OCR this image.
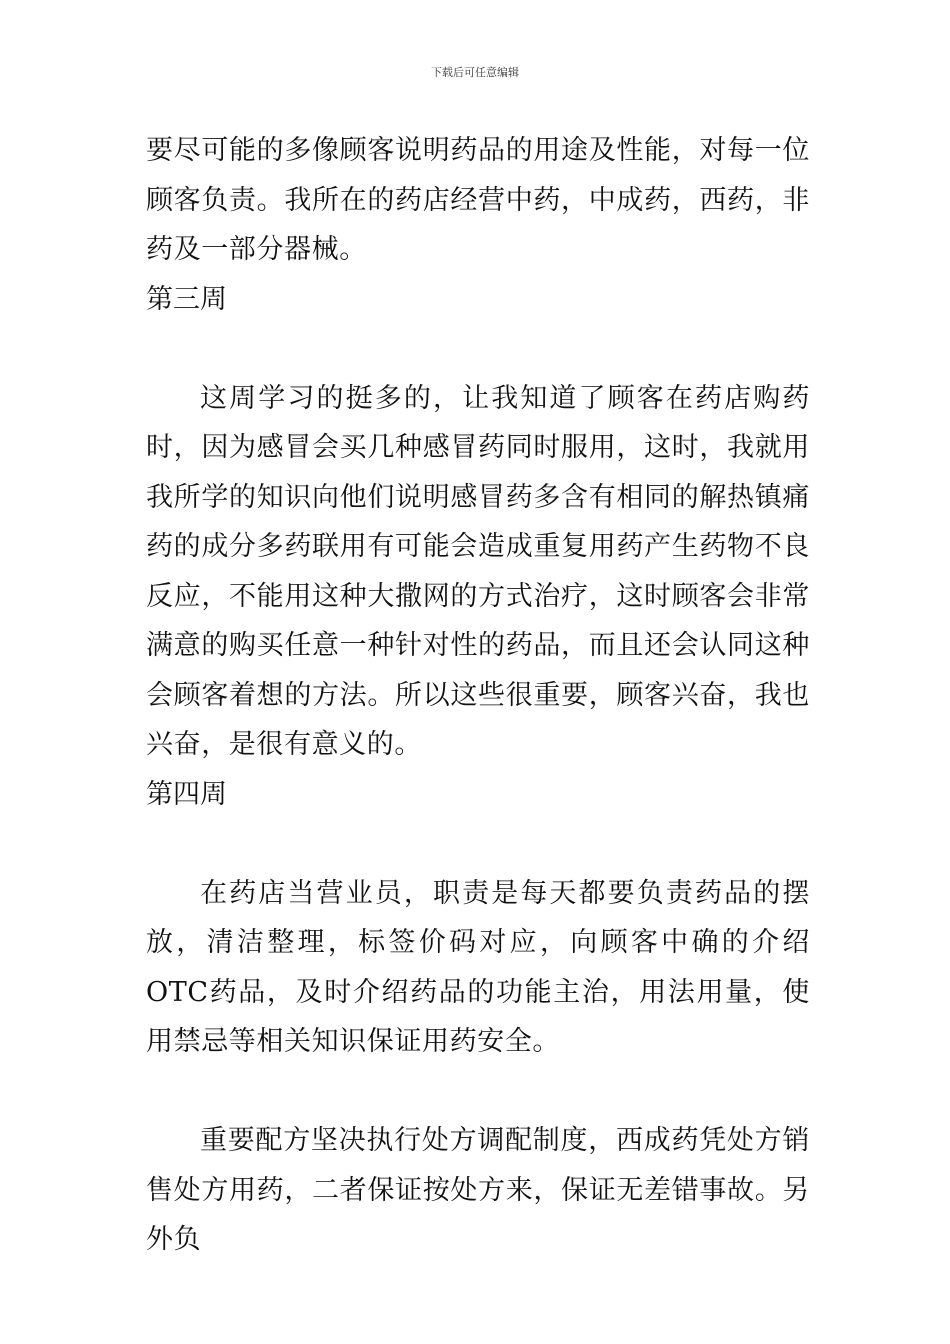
下载后可任意编辑

要尽可能的多像顾客说明药品的用途及性能，对每一位顾客负责。我所在的药店经营中药，中成药，西药，非药及一部分器械。

第三周

这周学习的挺多的，让我知道了顾客在药店购药时，因为感冒会买几种感冒药同时服用，这时，我就用我所学的知识向他们说明感冒药多含有相同的解热镇痛药的成分多药联用有可能会造成重复用药产生药物不良反应，不能用这种大撒网的方式治疗，这时顾客会非常满意的购买任意一种针对性的药品，而且还会认同这种会顾客着想的方法。所以这些很重要，顾客兴奋，我也兴奋，是很有意义的。

第四周

在药店当营业员，职责是每天都要负责药品的摆放，清洁整理，标签价码对应，向顾客中确的介绍OTC药品，及时介绍药品的功能主治，用法用量，使用禁忌等相关知识保证用药安全。

重要配方坚决执行处方调配制度，西成药凭处方销售处方用药，二者保证按处方来，保证无差错事故。另外负
